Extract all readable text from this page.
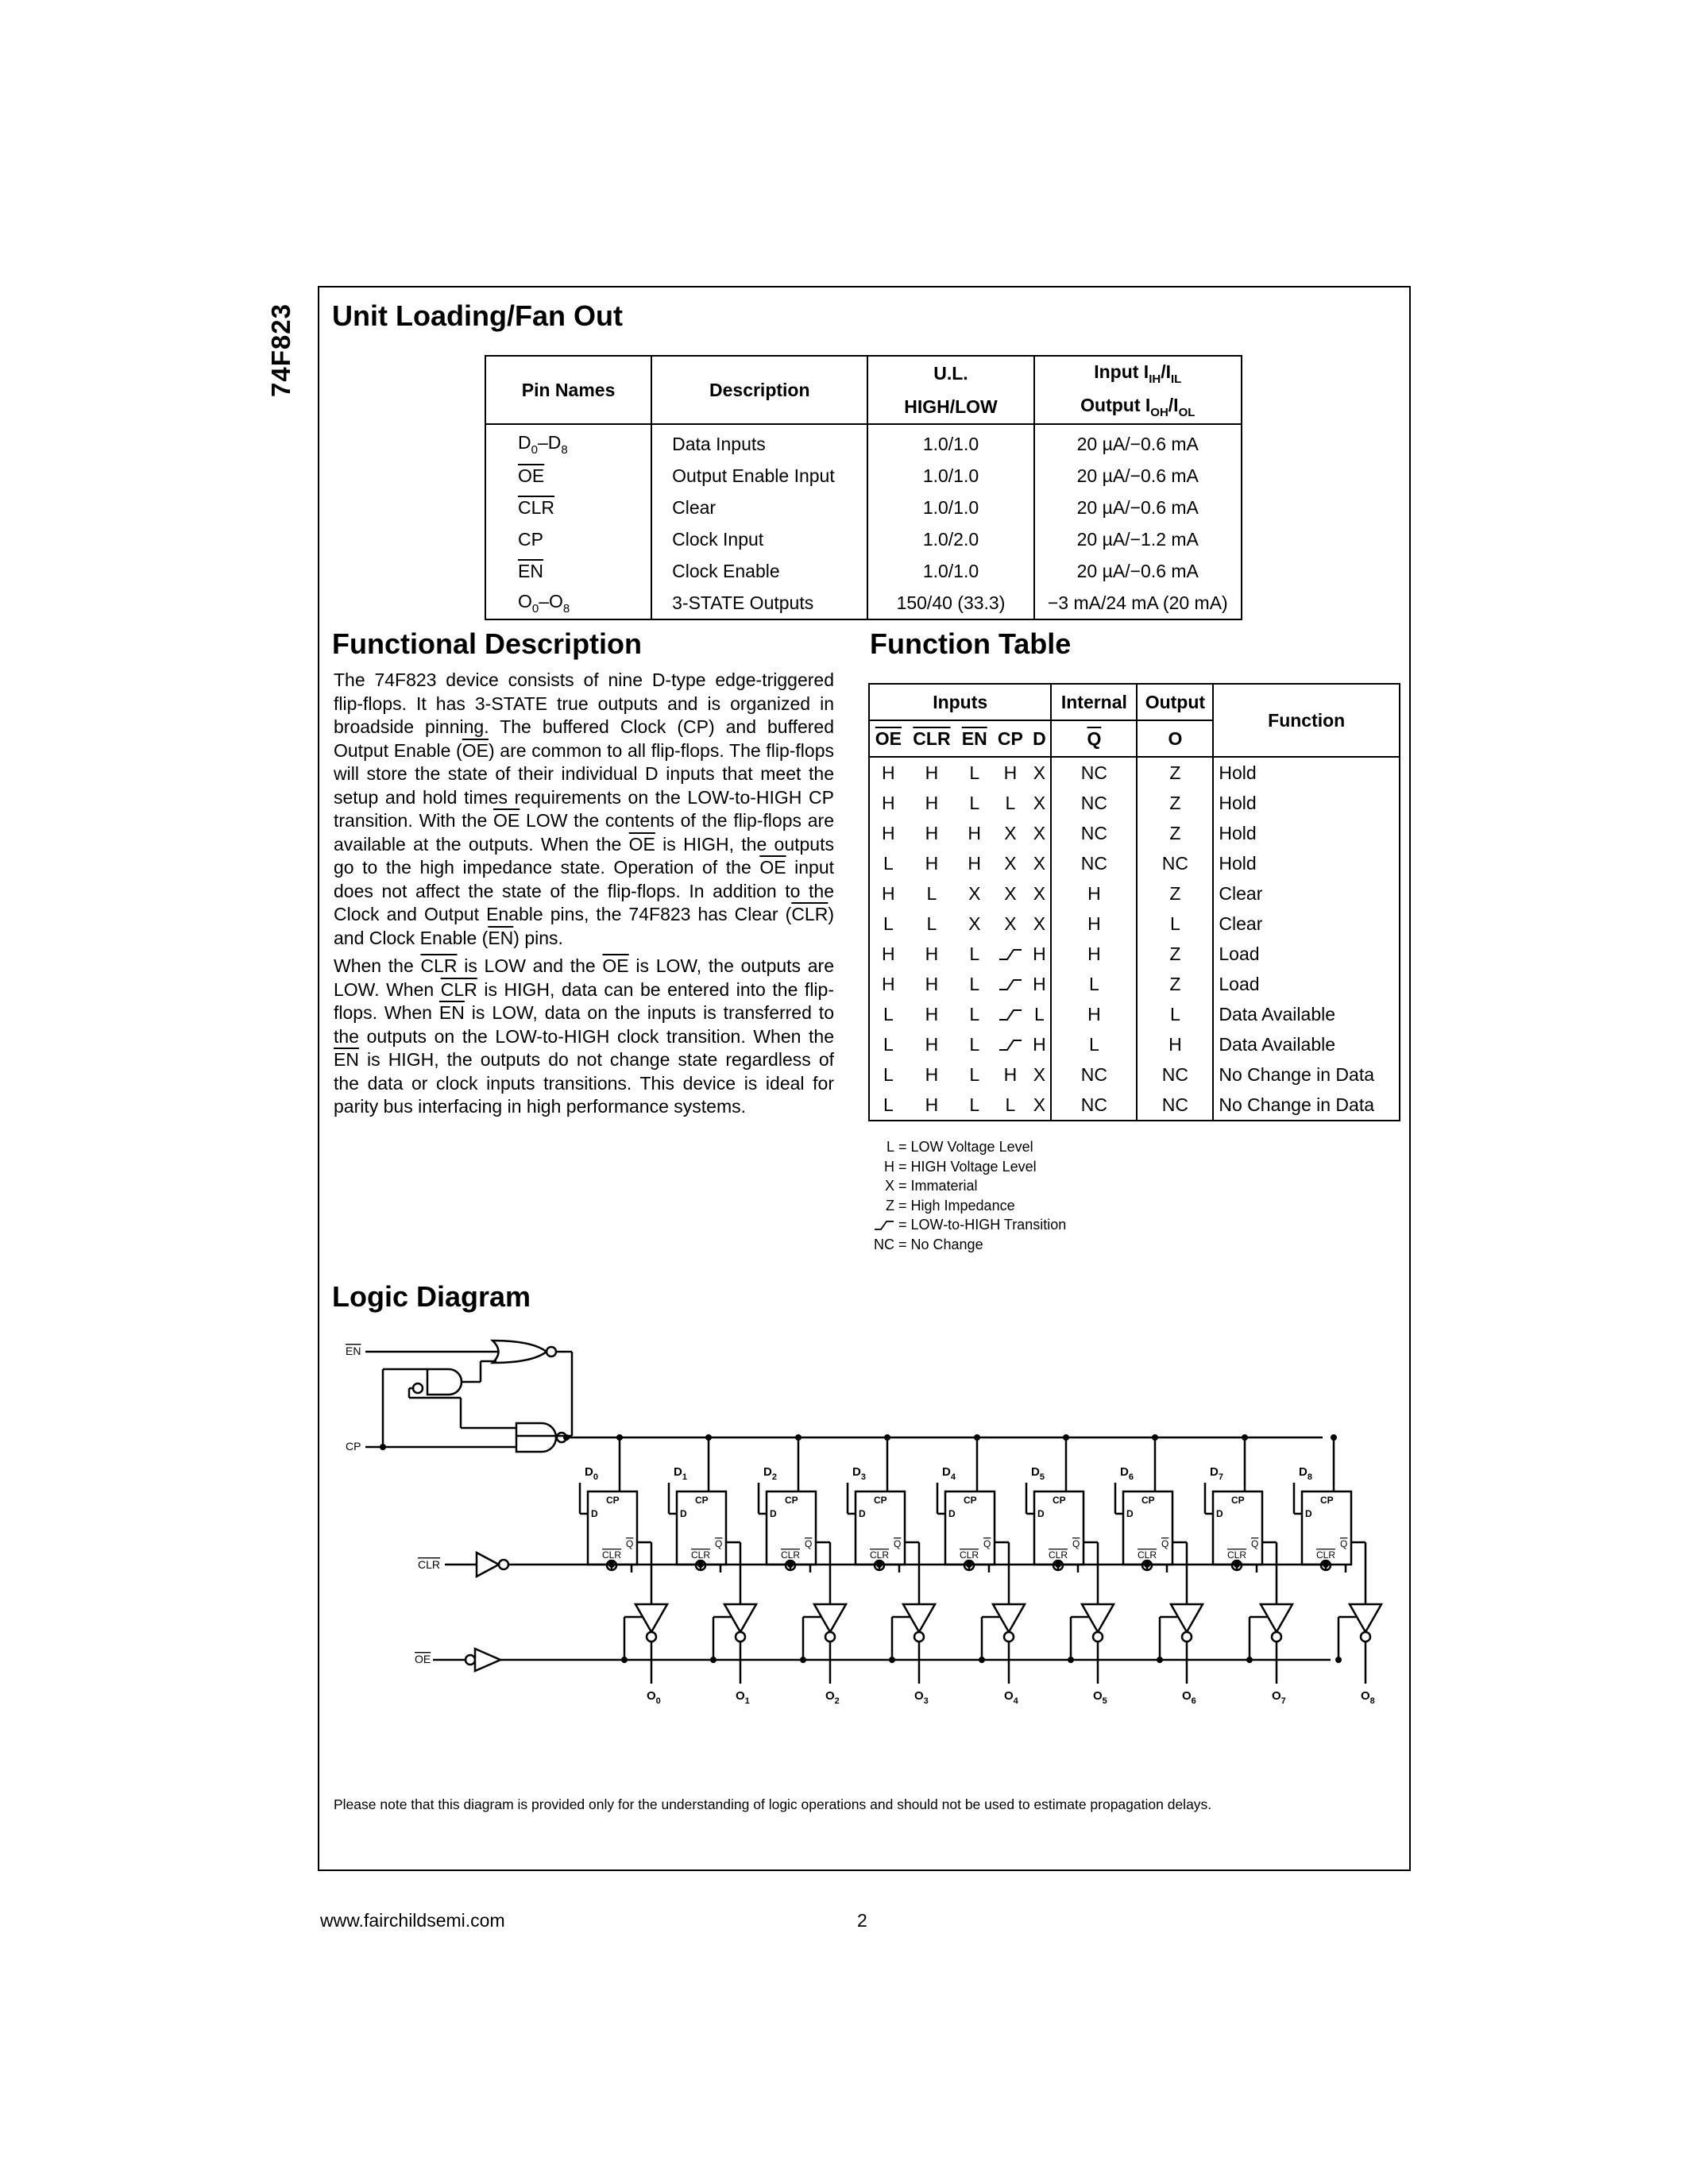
74F823 Unit Loading/Fan Out
Pin Names	Description	U.L.	Input $I_{IH}/I_{IL}$
		HIGH/LOW	Output $I_{OH}/I_{OL}$
$D_0-D_8$	Data Inputs	1.0/1.0	20 µA/−0.6 mA
$\overline{OE}$	Output Enable Input	1.0/1.0	20 µA/−0.6 mA
$\overline{CLR}$	Clear	1.0/1.0	20 µA/−0.6 mA
CP	Clock Input	1.0/2.0	20 µA/−1.2 mA
$\overline{EN}$	Clock Enable	1.0/1.0	20 µA/−0.6 mA
$O_0-O_8$	3-STATE Outputs	150/40 (33.3)	−3 mA/24 mA (20 mA)
Functional Description

The 74F823 device consists of nine D-type edge-triggered flip-flops. It has 3-STATE true outputs and is organized in broadside pinning. The buffered Clock (CP) and buffered Output Enable $(\overline{OE})$ are common to all flip-flops. The flip-flops will store the state of their individual D inputs that meet the setup and hold times requirements on the LOW-to-HIGH CP transition. With the $\overline{OE}$ LOW the contents of the flip-flops are available at the outputs. When the $\overline{OE}$ is HIGH, the outputs go to the high impedance state. Operation of the $\overline{OE}$ input does not affect the state of the flip-flops. In addition to the Clock and Output Enable pins, the 74F823 has Clear $(\overline{CLR})$ and Clock Enable $(\overline{EN})$ pins.

When the $\overline{CLR}$ is LOW and the $\overline{OE}$ is LOW, the outputs are LOW. When $\overline{CLR}$ is HIGH, data can be entered into the flip-flops. When $\overline{EN}$ is LOW, data on the inputs is transferred to the outputs on the LOW-to-HIGH clock transition. When the $\overline{EN}$ is HIGH, the outputs do not change state regardless of the data or clock inputs transitions. This device is ideal for parity bus interfacing in high performance systems.

Function Table
Inputs					Internal	Output	Function
$\overline{OE}$	$\overline{CLR}$	$\overline{EN}$	CP	D	$\overline{Q}$	O	
H	H	L	H	X	NC	Z	Hold
H	H	L	L	X	NC	Z	Hold
H	H	H	X	X	NC	Z	Hold
L	H	H	X	X	NC	NC	Hold
H	L	X	X	X	H	Z	Clear
L	L	X	X	X	H	L	Clear
H	H	L		H	H	Z	Load
H	H	L		H	L	Z	Load
L	H	L		L	H	L	Data Available
L	H	L		H	L	H	Data Available
L	H	L	H	X	NC	NC	No Change in Data
L	H	L	L	X	NC	NC	No Change in Data
L = LOW Voltage Level
H = HIGH Voltage Level
X = Immaterial
Z = High Impedance
= LOW-to-HIGH Transition
NC = No Change
Logic Diagram
EN
CP
CP
D
CLR
Q
$D_0$
$O_0$
CP
D
CLR
Q
$D_1$
$O_1$
CP
D
CLR
Q
$D_2$
$O_2$
CP
D
CLR
Q
$D_3$
$O_3$
CP
D
CLR
Q
$D_4$
$O_4$
CP
D
CLR
Q
$D_5$
$O_5$
CP
D
CLR
Q
$D_6$
$O_6$
CP
D
CLR
Q
$D_7$
$O_7$
CP
D
CLR
Q
$D_8$
$O_8$
CLR
OE
Please note that this diagram is provided only for the understanding of logic operations and should not be used to estimate propagation delays.
www.fairchildsemi.com	2
